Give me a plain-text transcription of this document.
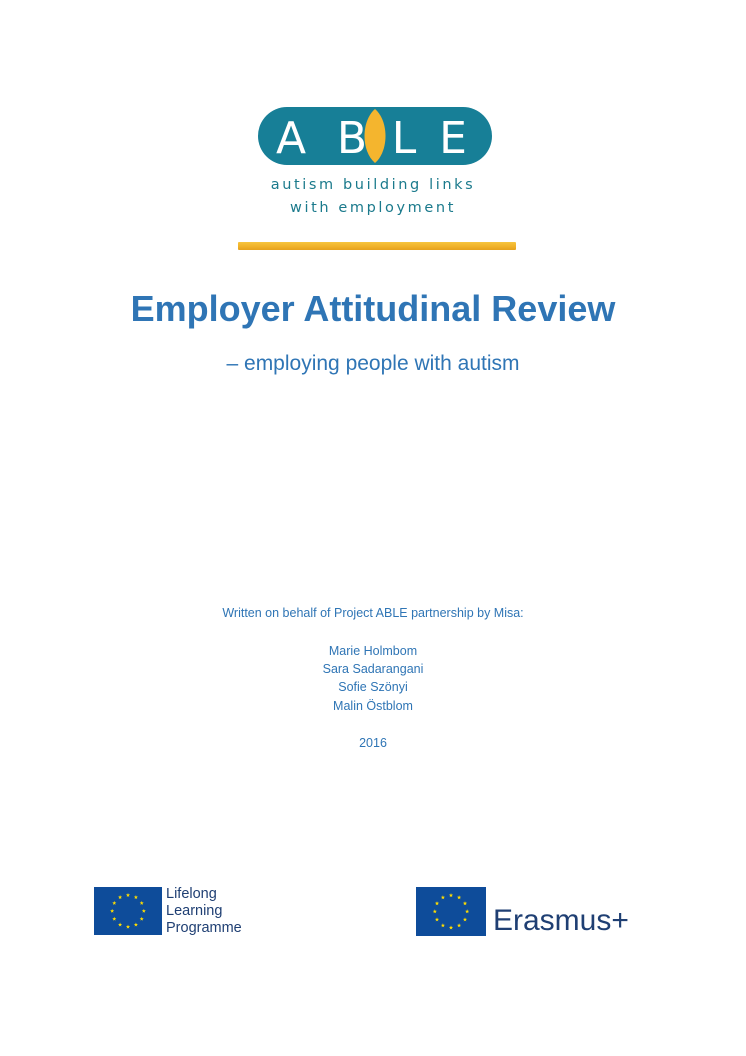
A B L E
autism building links
with employment
Employer Attitudinal Review
– employing people with autism
Written on behalf of Project ABLE partnership by Misa:
Marie Holmbom
Sara Sadarangani
Sofie Szönyi
Malin Östblom
2016
Lifelong
Learning
Programme	Erasmus+
